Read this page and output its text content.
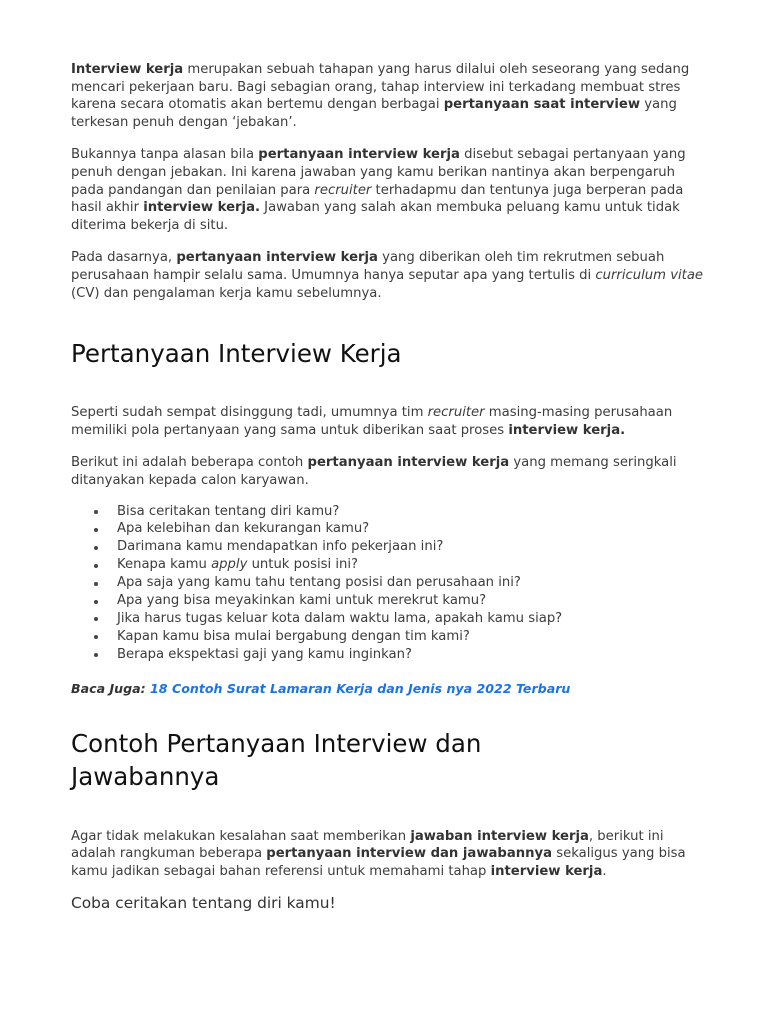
Interview kerja merupakan sebuah tahapan yang harus dilalui oleh seseorang yang sedang mencari pekerjaan baru. Bagi sebagian orang, tahap interview ini terkadang membuat stres karena secara otomatis akan bertemu dengan berbagai pertanyaan saat interview yang terkesan penuh dengan ‘jebakan’.

Bukannya tanpa alasan bila pertanyaan interview kerja disebut sebagai pertanyaan yang penuh dengan jebakan. Ini karena jawaban yang kamu berikan nantinya akan berpengaruh pada pandangan dan penilaian para recruiter terhadapmu dan tentunya juga berperan pada hasil akhir interview kerja. Jawaban yang salah akan membuka peluang kamu untuk tidak diterima bekerja di situ.

Pada dasarnya, pertanyaan interview kerja yang diberikan oleh tim rekrutmen sebuah perusahaan hampir selalu sama. Umumnya hanya seputar apa yang tertulis di curriculum vitae (CV) dan pengalaman kerja kamu sebelumnya.

Pertanyaan Interview Kerja

Seperti sudah sempat disinggung tadi, umumnya tim recruiter masing-masing perusahaan memiliki pola pertanyaan yang sama untuk diberikan saat proses interview kerja.

Berikut ini adalah beberapa contoh pertanyaan interview kerja yang memang seringkali ditanyakan kepada calon karyawan.

Bisa ceritakan tentang diri kamu?
Apa kelebihan dan kekurangan kamu?
Darimana kamu mendapatkan info pekerjaan ini?
Kenapa kamu apply untuk posisi ini?
Apa saja yang kamu tahu tentang posisi dan perusahaan ini?
Apa yang bisa meyakinkan kami untuk merekrut kamu?
Jika harus tugas keluar kota dalam waktu lama, apakah kamu siap?
Kapan kamu bisa mulai bergabung dengan tim kami?
Berapa ekspektasi gaji yang kamu inginkan?
Baca Juga: 18 Contoh Surat Lamaran Kerja dan Jenis nya 2022 Terbaru
Contoh Pertanyaan Interview dan
Jawabannya

Agar tidak melakukan kesalahan saat memberikan jawaban interview kerja, berikut ini adalah rangkuman beberapa pertanyaan interview dan jawabannya sekaligus yang bisa kamu jadikan sebagai bahan referensi untuk memahami tahap interview kerja.

Coba ceritakan tentang diri kamu!
